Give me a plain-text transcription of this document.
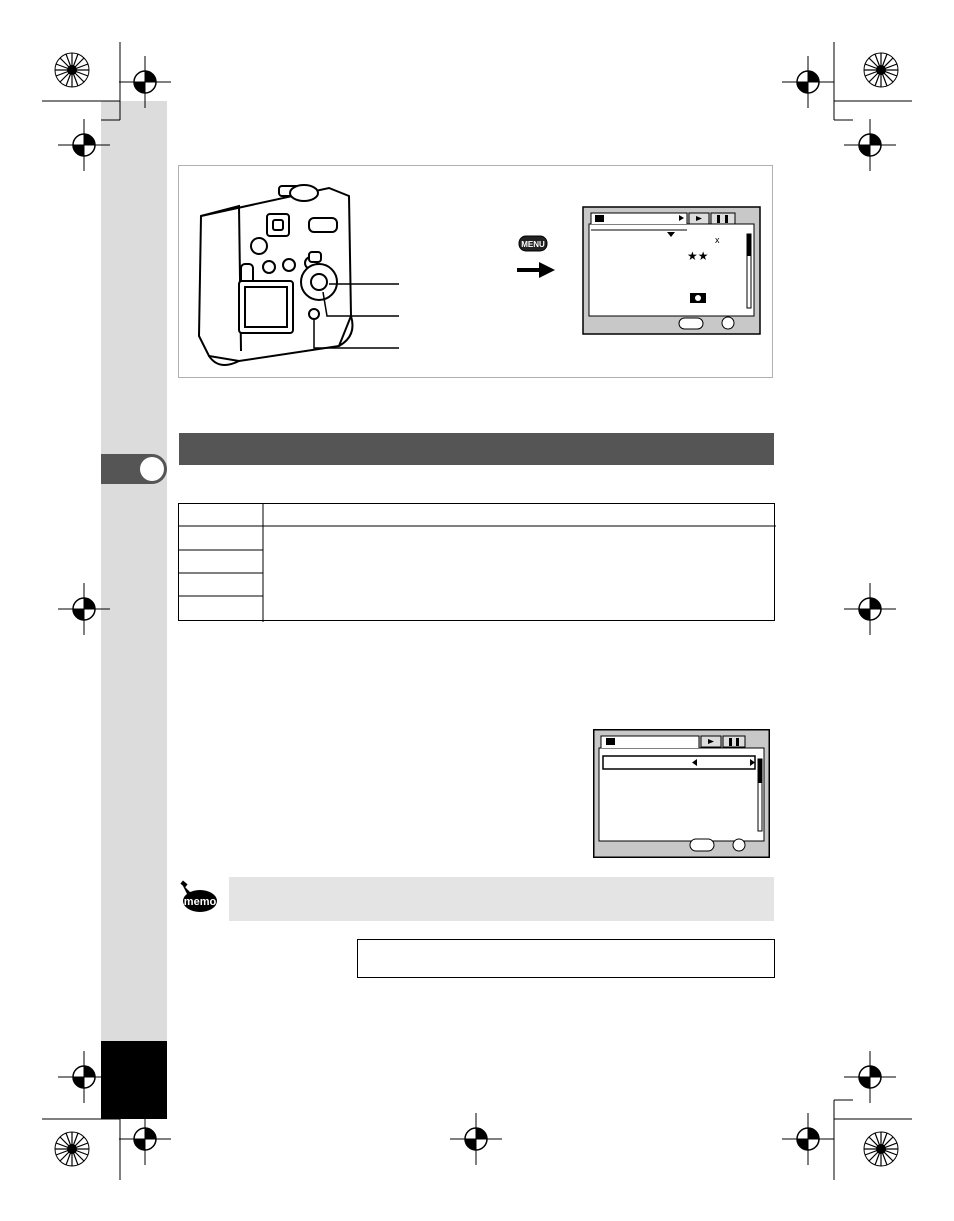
MENU	x
★★
memo
